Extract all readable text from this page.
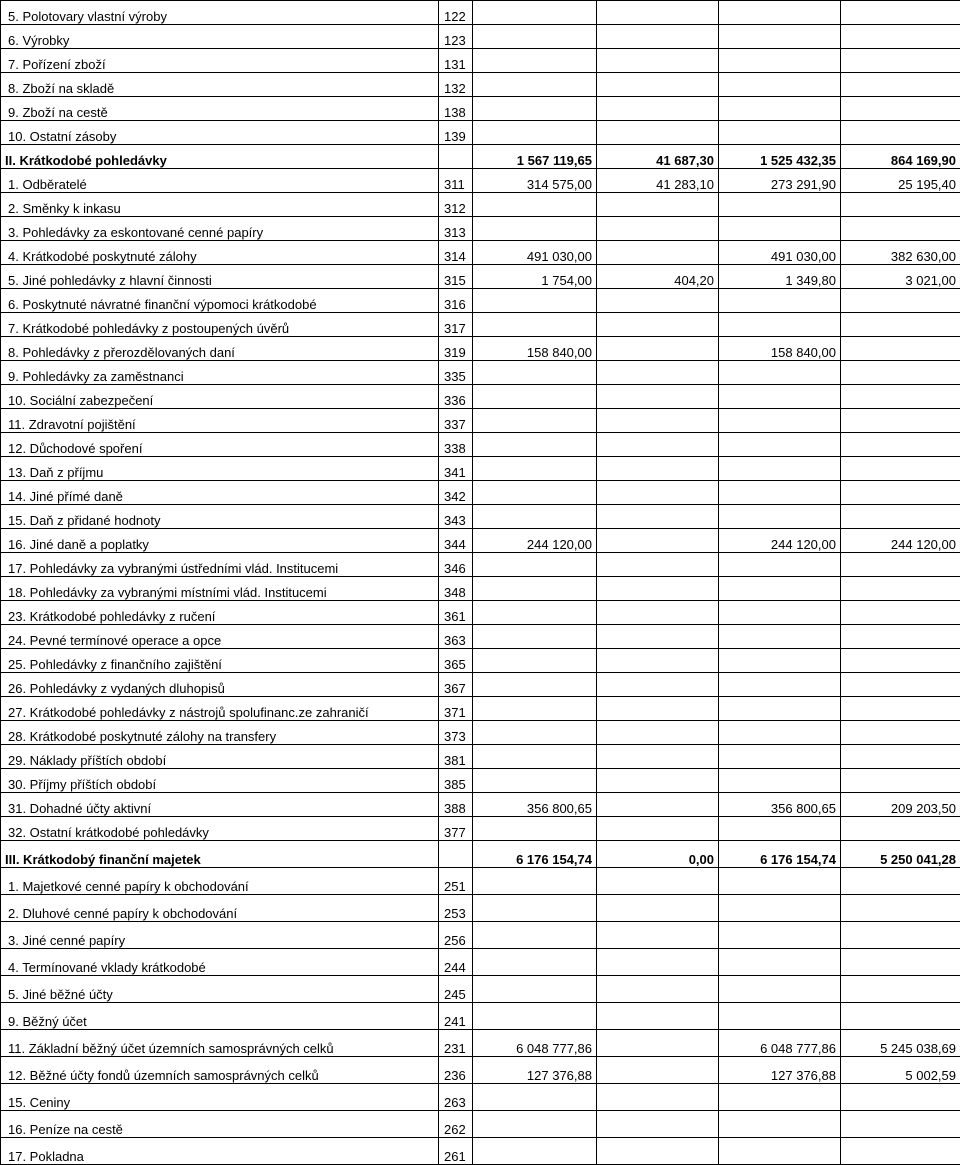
5. Polotovary vlastní výroby	122				
6. Výrobky	123				
7. Pořízení zboží	131				
8. Zboží na skladě	132				
9. Zboží na cestě	138				
10. Ostatní zásoby	139				
II. Krátkodobé pohledávky		1 567 119,65	41 687,30	1 525 432,35	864 169,90
1. Odběratelé	311	314 575,00	41 283,10	273 291,90	25 195,40
2. Směnky k inkasu	312				
3. Pohledávky za eskontované cenné papíry	313				
4. Krátkodobé poskytnuté zálohy	314	491 030,00		491 030,00	382 630,00
5. Jiné pohledávky z hlavní činnosti	315	1 754,00	404,20	1 349,80	3 021,00
6. Poskytnuté návratné finanční výpomoci krátkodobé	316				
7. Krátkodobé pohledávky z postoupených úvěrů	317				
8. Pohledávky z přerozdělovaných daní	319	158 840,00		158 840,00	
9. Pohledávky za zaměstnanci	335				
10. Sociální zabezpečení	336				
11. Zdravotní pojištění	337				
12. Důchodové spoření	338				
13. Daň z příjmu	341				
14. Jiné přímé daně	342				
15. Daň z přidané hodnoty	343				
16. Jiné daně a poplatky	344	244 120,00		244 120,00	244 120,00
17. Pohledávky za vybranými ústředními vlád. Institucemi	346				
18. Pohledávky za vybranými místními vlád. Institucemi	348				
23. Krátkodobé pohledávky z ručení	361				
24. Pevné termínové operace a opce	363				
25. Pohledávky z finančního zajištění	365				
26. Pohledávky z vydaných dluhopisů	367				
27. Krátkodobé pohledávky z nástrojů spolufinanc.ze zahraničí	371				
28. Krátkodobé poskytnuté zálohy na transfery	373				
29. Náklady příštích období	381				
30. Příjmy příštích období	385				
31. Dohadné účty aktivní	388	356 800,65		356 800,65	209 203,50
32. Ostatní krátkodobé pohledávky	377				
III. Krátkodobý finanční majetek		6 176 154,74	0,00	6 176 154,74	5 250 041,28
1. Majetkové cenné papíry k obchodování	251				
2. Dluhové cenné papíry k obchodování	253				
3. Jiné cenné papíry	256				
4. Termínované vklady krátkodobé	244				
5. Jiné běžné účty	245				
9. Běžný účet	241				
11. Základní běžný účet územních samosprávných celků	231	6 048 777,86		6 048 777,86	5 245 038,69
12. Běžné účty fondů územních samosprávných celků	236	127 376,88		127 376,88	5 002,59
15. Ceniny	263				
16. Peníze na cestě	262				
17. Pokladna	261				
